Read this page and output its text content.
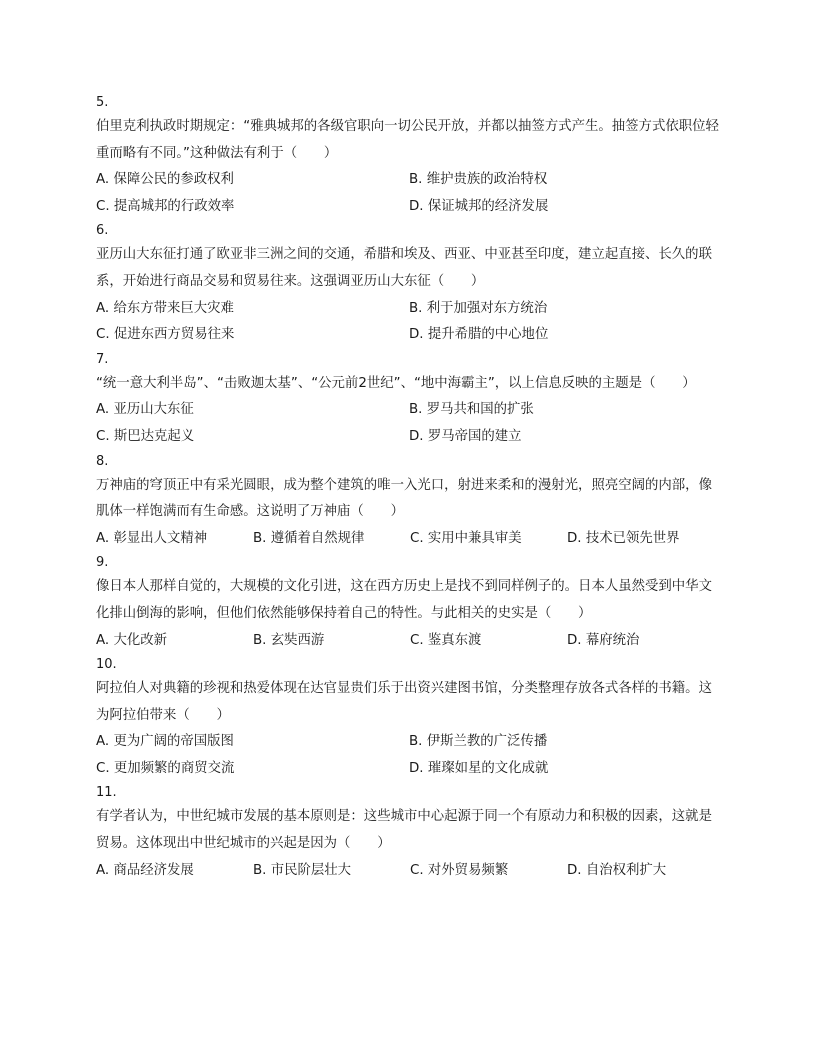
5.
伯里克利执政时期规定：“雅典城邦的各级官职向一切公民开放，并都以抽签方式产生。抽签方式依职位轻重而略有不同。”这种做法有利于（　　）
A. 保障公民的参政权利	B. 维护贵族的政治特权
C. 提高城邦的行政效率	D. 保证城邦的经济发展
6.
亚历山大东征打通了欧亚非三洲之间的交通，希腊和埃及、西亚、中亚甚至印度，建立起直接、长久的联系，开始进行商品交易和贸易往来。这强调亚历山大东征（　　）
A. 给东方带来巨大灾难	B. 利于加强对东方统治
C. 促进东西方贸易往来	D. 提升希腊的中心地位
7.
“统一意大利半岛”、“击败迦太基”、“公元前2世纪”、“地中海霸主”，以上信息反映的主题是（　　）
A. 亚历山大东征	B. 罗马共和国的扩张
C. 斯巴达克起义	D. 罗马帝国的建立
8.
万神庙的穹顶正中有采光圆眼，成为整个建筑的唯一入光口，射进来柔和的漫射光，照亮空阔的内部，像肌体一样饱满而有生命感。这说明了万神庙（　　）
A. 彰显出人文精神	B. 遵循着自然规律	C. 实用中兼具审美	D. 技术已领先世界
9.
像日本人那样自觉的，大规模的文化引进，这在西方历史上是找不到同样例子的。日本人虽然受到中华文化排山倒海的影响，但他们依然能够保持着自己的特性。与此相关的史实是（　　）
A. 大化改新	B. 玄奘西游	C. 鉴真东渡	D. 幕府统治
10.
阿拉伯人对典籍的珍视和热爱体现在达官显贵们乐于出资兴建图书馆，分类整理存放各式各样的书籍。这为阿拉伯带来（　　）
A. 更为广阔的帝国版图	B. 伊斯兰教的广泛传播
C. 更加频繁的商贸交流	D. 璀璨如星的文化成就
11.
有学者认为，中世纪城市发展的基本原则是：这些城市中心起源于同一个有原动力和积极的因素，这就是贸易。这体现出中世纪城市的兴起是因为（　　）
A. 商品经济发展	B. 市民阶层壮大	C. 对外贸易频繁	D. 自治权利扩大
